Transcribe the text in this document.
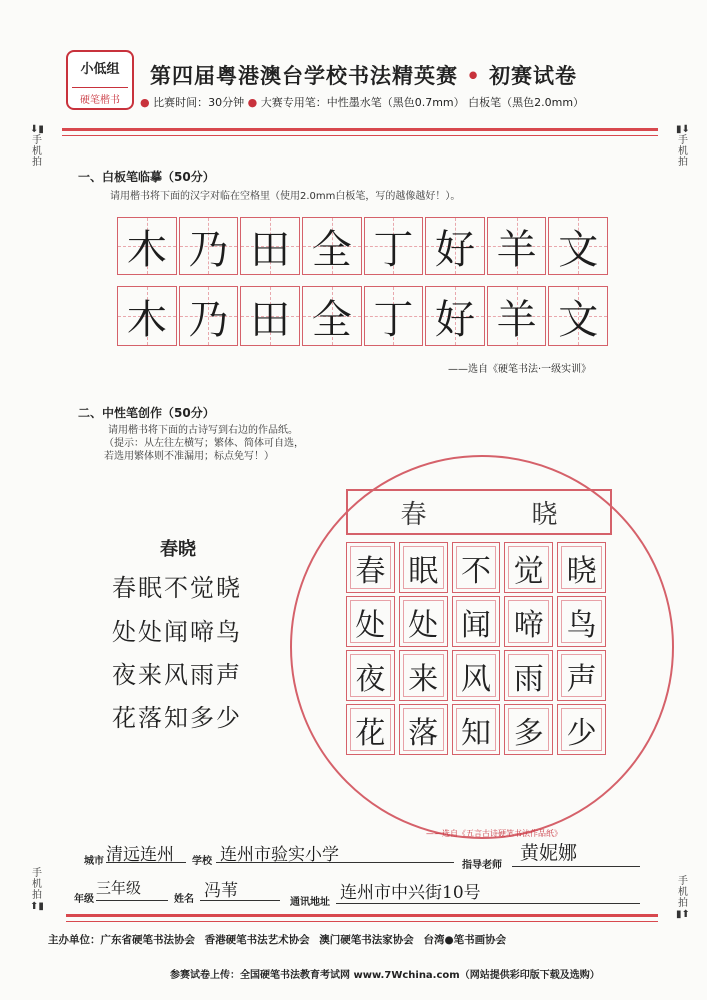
小低组
硬笔楷书
第四届粤港澳台学校书法精英赛 • 初赛试卷
● 比赛时间：30分钟 ● 大赛专用笔：中性墨水笔（黑色0.7mm） 白板笔（黑色2.0mm）
⬇▮
手机拍
▮⬇
手机拍
手机拍
⬆▮
手机拍
▮⬆
一、白板笔临摹（50分）
请用楷书将下面的汉字对临在空格里（使用2.0mm白板笔，写的越像越好！）。
木 乃 田 全 丁 好 羊 文
木 乃 田 全 丁 好 羊 文
——选自《硬笔书法·一级实训》
二、中性笔创作（50分）
请用楷书将下面的古诗写到右边的作品纸。
（提示：从左往左横写；繁体、简体可自选，
若选用繁体则不准漏用；标点免写！）
春晓
春眠不觉晓
处处闻啼鸟
夜来风雨声
花落知多少
春	晓
春 眠 不 觉 晓
处 处 闻 啼 鸟
夜 来 风 雨 声
花 落 知 多 少
——选自《五言古诗硬笔书法作品纸》
城市 清远连州 学校 连州市验实小学
指导老师
黄妮娜
年级
三年级
姓名 冯苇
通讯地址 连州市中兴街10号
主办单位：广东省硬笔书法协会 香港硬笔书法艺术协会 澳门硬笔书法家协会 台湾●笔书画协会
参赛试卷上传：全国硬笔书法教育考试网 www.7Wchina.com（网站提供彩印版下载及选购）
